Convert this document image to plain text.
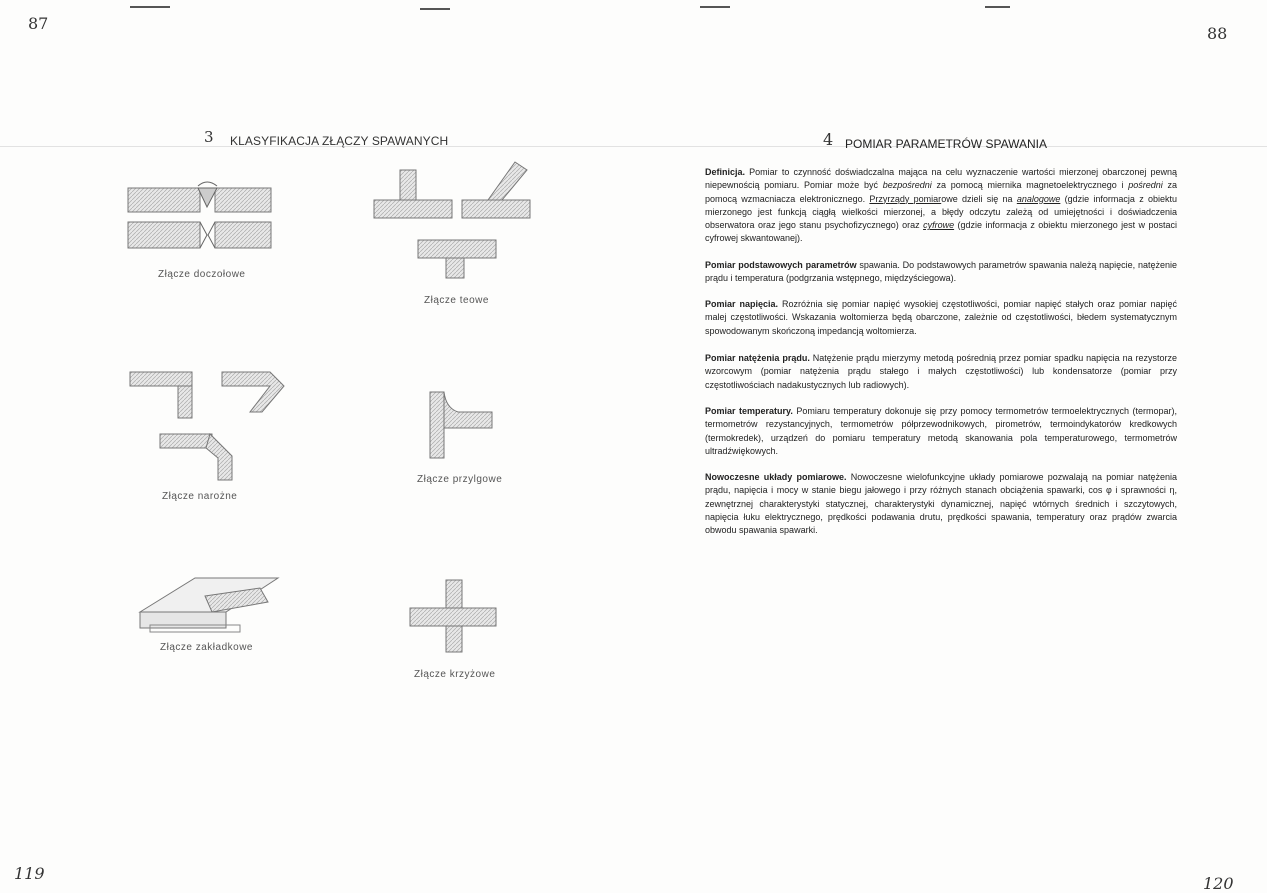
87
88
119
120
3 KLASYFIKACJA ZŁĄCZY SPAWANYCH
Złącze doczołowe
Złącze teowe
Złącze narożne
Złącze przylgowe
Złącze zakładkowe
Złącze krzyżowe
4 POMIAR PARAMETRÓW SPAWANIA
Definicja. Pomiar to czynność doświadczalna mająca na celu wyznaczenie wartości mierzonej obarczonej pewną niepewnością pomiaru. Pomiar może być bezpośredni za pomocą miernika magnetoelektrycznego i pośredni za pomocą wzmacniacza elektronicznego. Przyrządy pomiarowe dzieli się na analogowe (gdzie informacja z obiektu mierzonego jest funkcją ciągłą wielkości mierzonej, a błędy odczytu zależą od umiejętności i doświadczenia obserwatora oraz jego stanu psychofizycznego) oraz cyfrowe (gdzie informacja z obiektu mierzonego jest w postaci cyfrowej skwantowanej).
Pomiar podstawowych parametrów spawania. Do podstawowych parametrów spawania należą napięcie, natężenie prądu i temperatura (podgrzania wstępnego, międzyściegowa).
Pomiar napięcia. Rozróżnia się pomiar napięć wysokiej częstotliwości, pomiar napięć stałych oraz pomiar napięć malej częstotliwości. Wskazania woltomierza będą obarczone, zależnie od częstotliwości, błedem systematycznym spowodowanym skończoną impedancją woltomierza.
Pomiar natężenia prądu. Natężenie prądu mierzymy metodą pośrednią przez pomiar spadku napięcia na rezystorze wzorcowym (pomiar natężenia prądu stałego i małych częstotliwości) lub kondensatorze (pomiar przy częstotliwościach nadakustycznych lub radiowych).
Pomiar temperatury. Pomiaru temperatury dokonuje się przy pomocy termometrów termoelektrycznych (termopar), termometrów rezystancyjnych, termometrów półprzewodnikowych, pirometrów, termoindykatorów kredkowych (termokredek), urządzeń do pomiaru temperatury metodą skanowania pola temperaturowego, termometrów ultradźwiękowych.
Nowoczesne układy pomiarowe. Nowoczesne wielofunkcyjne układy pomiarowe pozwalają na pomiar natężenia prądu, napięcia i mocy w stanie biegu jałowego i przy różnych stanach obciążenia spawarki, cos φ i sprawności η, zewnętrznej charakterystyki statycznej, charakterystyki dynamicznej, napięć wtórnych średnich i szczytowych, napięcia łuku elektrycznego, prędkości podawania drutu, prędkości spawania, temperatury oraz prądów zwarcia obwodu spawania spawarki.
